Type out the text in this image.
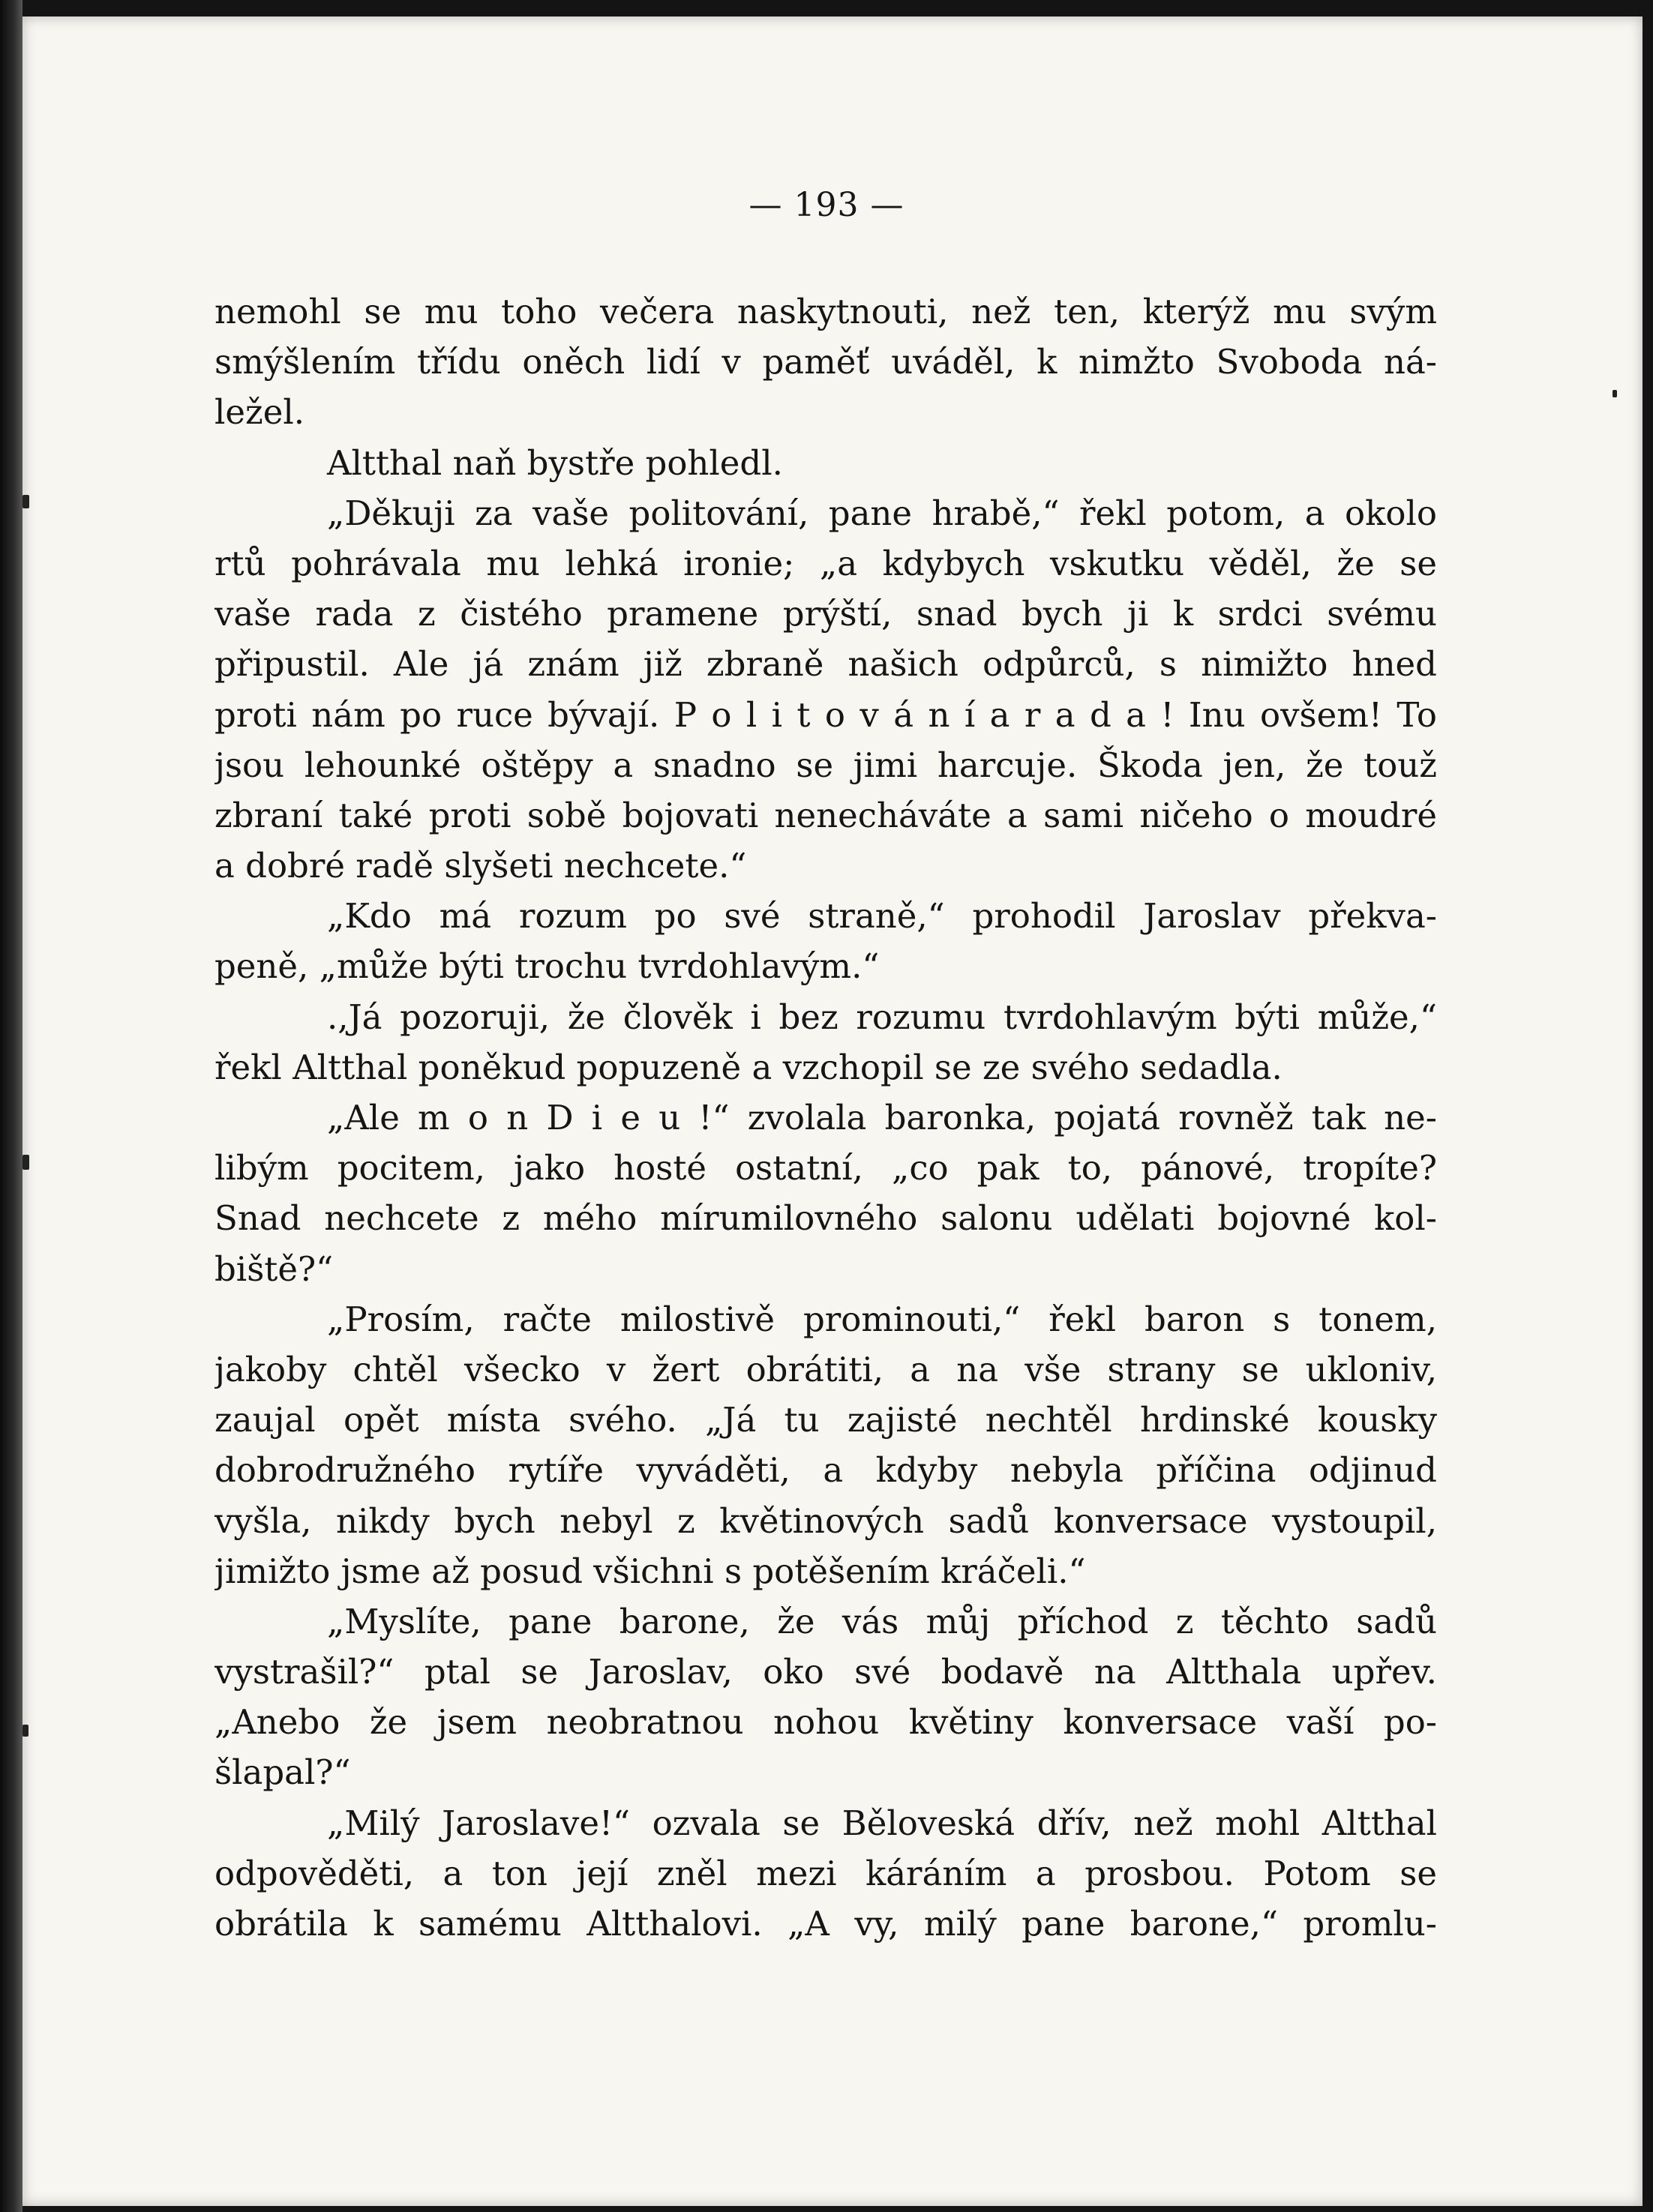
— 193 —
nemohl se mu toho večera naskytnouti, než ten, kterýž mu svým
smýšlením třídu oněch lidí v paměť uváděl, k nimžto Svoboda ná-
ležel.
Altthal naň bystře pohledl.
„Děkuji za vaše politování, pane hrabě,“ řekl potom, a okolo
rtů pohrávala mu lehká ironie; „a kdybych vskutku věděl, že se
vaše rada z čistého pramene prýští, snad bych ji k srdci svému
připustil. Ale já znám již zbraně našich odpůrců, s nimižto hned
proti nám po ruce bývají. P o l i t o v á n í a r a d a ! Inu ovšem! To
jsou lehounké oštěpy a snadno se jimi harcuje. Škoda jen, že touž
zbraní také proti sobě bojovati nenecháváte a sami ničeho o moudré
a dobré radě slyšeti nechcete.“
„Kdo má rozum po své straně,“ prohodil Jaroslav překva-
peně, „může býti trochu tvrdohlavým.“
.,Já pozoruji, že člověk i bez rozumu tvrdohlavým býti může,“
řekl Altthal poněkud popuzeně a vzchopil se ze svého sedadla.
„Ale m o n D i e u !“ zvolala baronka, pojatá rovněž tak ne-
libým pocitem, jako hosté ostatní, „co pak to, pánové, tropíte?
Snad nechcete z mého mírumilovného salonu udělati bojovné kol-
biště?“
„Prosím, račte milostivě prominouti,“ řekl baron s tonem,
jakoby chtěl všecko v žert obrátiti, a na vše strany se ukloniv,
zaujal opět místa svého. „Já tu zajisté nechtěl hrdinské kousky
dobrodružného rytíře vyváděti, a kdyby nebyla příčina odjinud
vyšla, nikdy bych nebyl z květinových sadů konversace vystoupil,
jimižto jsme až posud všichni s potěšením kráčeli.“
„Myslíte, pane barone, že vás můj příchod z těchto sadů
vystrašil?“ ptal se Jaroslav, oko své bodavě na Altthala upřev.
„Anebo že jsem neobratnou nohou květiny konversace vaší po-
šlapal?“
„Milý Jaroslave!“ ozvala se Běloveská dřív, než mohl Altthal
odpověděti, a ton její zněl mezi káráním a prosbou. Potom se
obrátila k samému Altthalovi. „A vy, milý pane barone,“ promlu-
